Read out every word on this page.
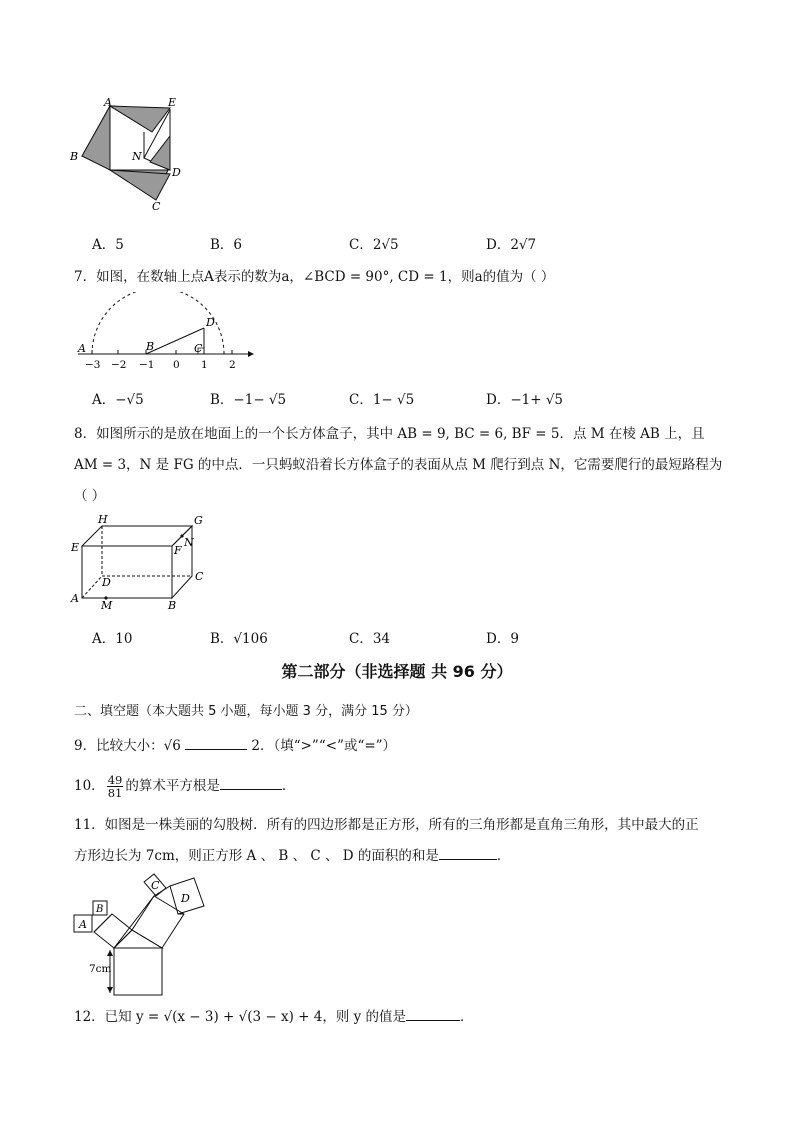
A	E
B	N
D
C
A．5	B．6	C．2√5	D．2√7
7．如图，在数轴上点A表示的数为a，∠BCD = 90°, CD = 1，则a的值为（ ）
−3 −2 −1 0 1 2
A	B	C
D
A．−√5	B．−1− √5	C．1− √5	D．−1+ √5
8．如图所示的是放在地面上的一个长方体盒子，其中 AB = 9, BC = 6, BF = 5．点 M 在棱 AB 上，且
AM = 3，N 是 FG 的中点．一只蚂蚁沿着长方体盒子的表面从点 M 爬行到点 N，它需要爬行的最短路程为
（ ）
H	G
E	F
N
D	C
A
M	B
A．10	B．√106	C．34	D．9
第二部分（非选择题 共 96 分）
二、填空题（本大题共 5 小题，每小题 3 分，满分 15 分）
9．比较大小：√6	2．（填“>”“<”或“=”）
10． $\frac{49}{81}$ 的算术平方根是	．
11．如图是一株美丽的勾股树．所有的四边形都是正方形，所有的三角形都是直角三角形，其中最大的正
方形边长为 7cm，则正方形 A 、 B 、 C 、 D 的面积的和是	．
A
B
C
D
7cm
12．已知 y = √(x − 3) + √(3 − x) + 4，则 y 的值是	．
